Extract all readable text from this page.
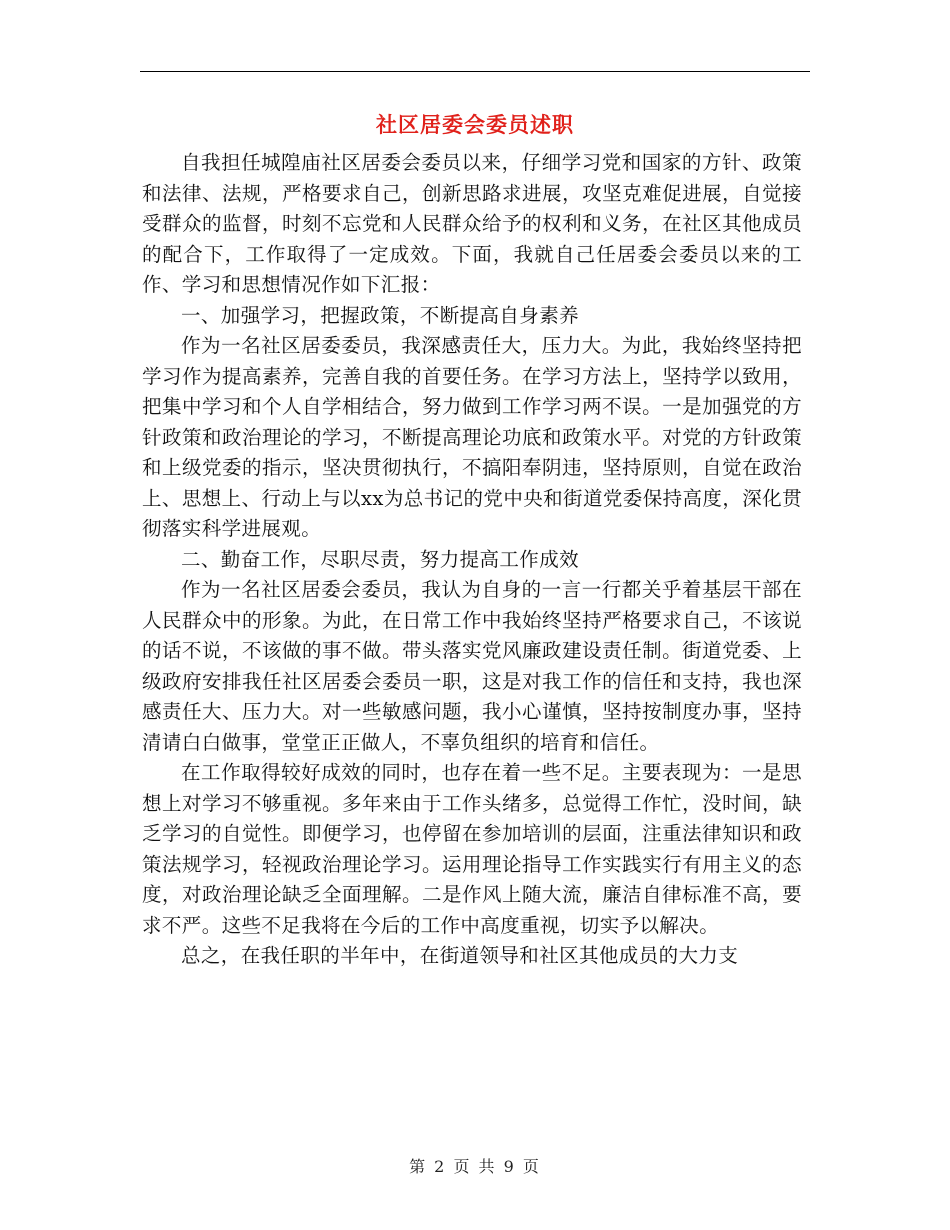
社区居委会委员述职

自我担任城隍庙社区居委会委员以来，仔细学习党和国家的方针、政策和法律、法规，严格要求自己，创新思路求进展，攻坚克难促进展，自觉接受群众的监督，时刻不忘党和人民群众给予的权利和义务，在社区其他成员的配合下，工作取得了一定成效。下面，我就自己任居委会委员以来的工作、学习和思想情况作如下汇报：

一、加强学习，把握政策，不断提高自身素养

作为一名社区居委委员，我深感责任大，压力大。为此，我始终坚持把学习作为提高素养，完善自我的首要任务。在学习方法上，坚持学以致用，把集中学习和个人自学相结合，努力做到工作学习两不误。一是加强党的方针政策和政治理论的学习，不断提高理论功底和政策水平。对党的方针政策和上级党委的指示，坚决贯彻执行，不搞阳奉阴违，坚持原则，自觉在政治上、思想上、行动上与以xx为总书记的党中央和街道党委保持高度，深化贯彻落实科学进展观。

二、勤奋工作，尽职尽责，努力提高工作成效

作为一名社区居委会委员，我认为自身的一言一行都关乎着基层干部在人民群众中的形象。为此，在日常工作中我始终坚持严格要求自己，不该说的话不说，不该做的事不做。带头落实党风廉政建设责任制。街道党委、上级政府安排我任社区居委会委员一职，这是对我工作的信任和支持，我也深感责任大、压力大。对一些敏感问题，我小心谨慎，坚持按制度办事，坚持清请白白做事，堂堂正正做人，不辜负组织的培育和信任。

在工作取得较好成效的同时，也存在着一些不足。主要表现为：一是思想上对学习不够重视。多年来由于工作头绪多，总觉得工作忙，没时间，缺乏学习的自觉性。即便学习，也停留在参加培训的层面，注重法律知识和政策法规学习，轻视政治理论学习。运用理论指导工作实践实行有用主义的态度，对政治理论缺乏全面理解。二是作风上随大流，廉洁自律标准不高，要求不严。这些不足我将在今后的工作中高度重视，切实予以解决。

总之，在我任职的半年中，在街道领导和社区其他成员的大力支

第 2 页 共 9 页
